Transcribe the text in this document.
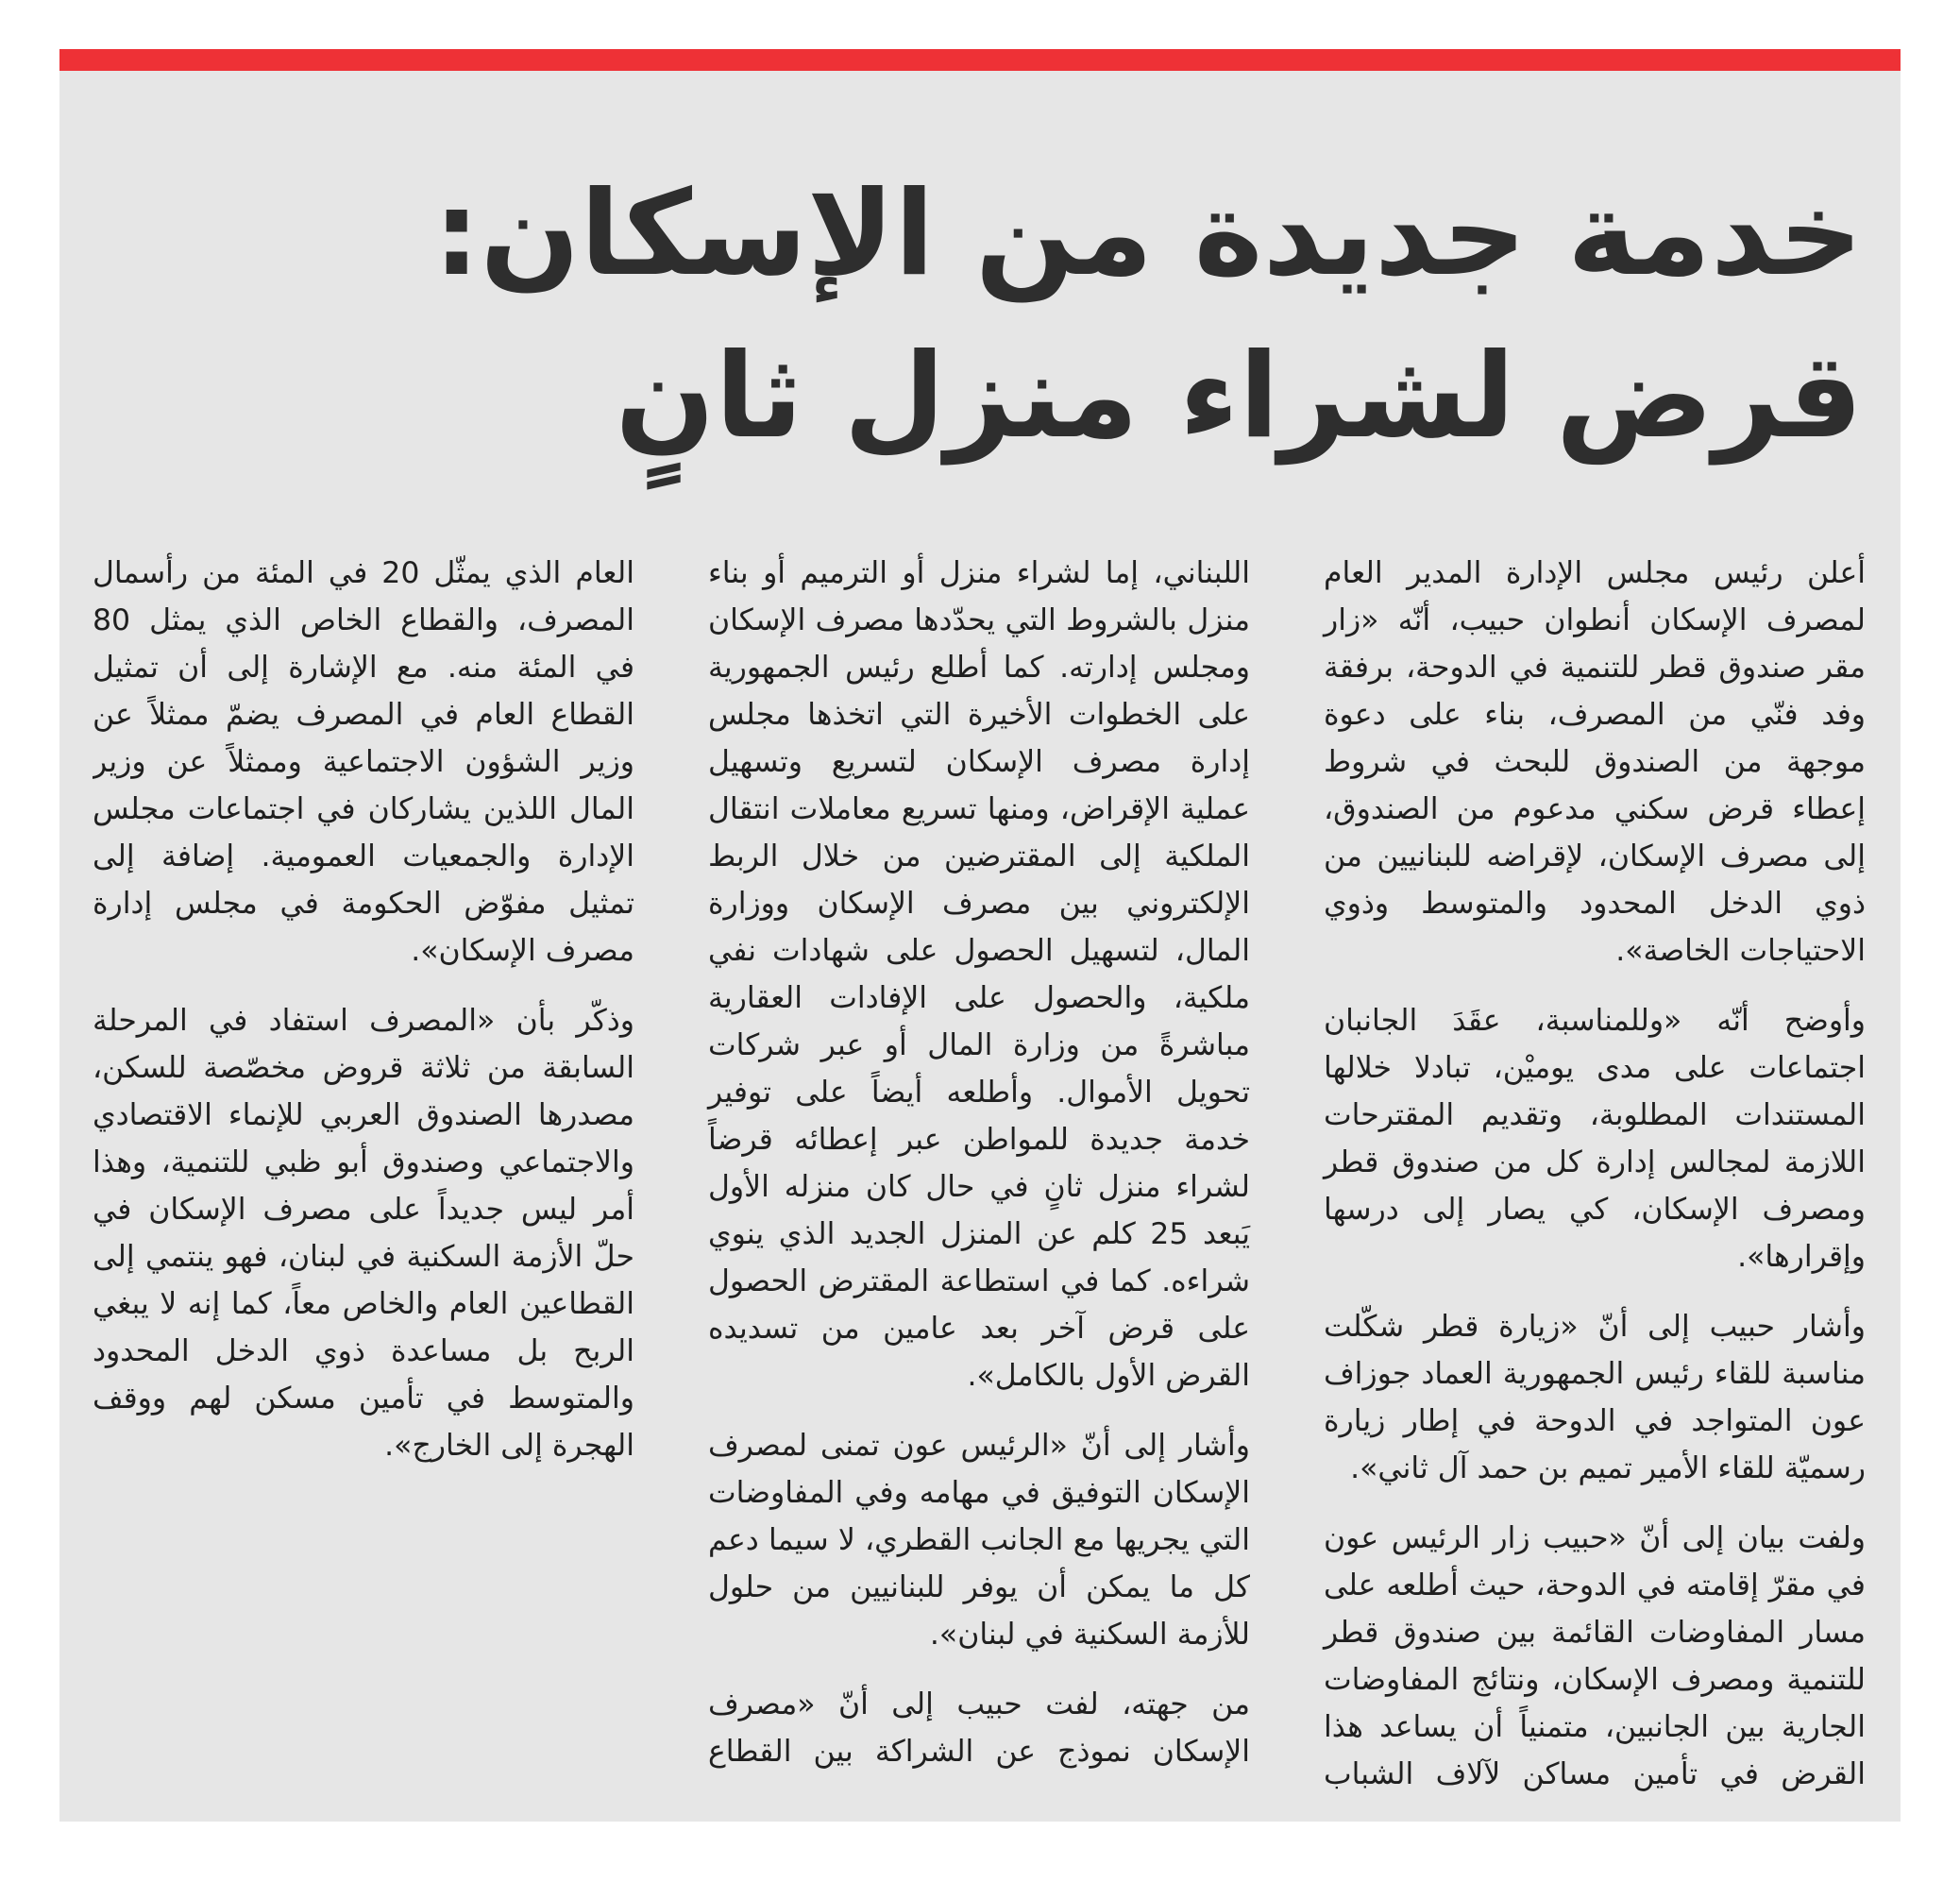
خدمة جديدة من الإسكان:
قرض لشراء منزل ثانٍ

أعلن رئيس مجلس الإدارة المدير العام لمصرف الإسكان أنطوان حبيب، أنّه «زار مقر صندوق قطر للتنمية في الدوحة، برفقة وفد فنّي من المصرف، بناء على دعوة موجهة من الصندوق للبحث في شروط إعطاء قرض سكني مدعوم من الصندوق، إلى مصرف الإسكان، لإقراضه للبنانيين من ذوي الدخل المحدود والمتوسط وذوي الاحتياجات الخاصة».

وأوضح أنّه «وللمناسبة، عقَدَ الجانبان اجتماعات على مدى يوميْن، تبادلا خلالها المستندات المطلوبة، وتقديم المقترحات اللازمة لمجالس إدارة كل من صندوق قطر ومصرف الإسكان، كي يصار إلى درسها وإقرارها».

وأشار حبيب إلى أنّ «زيارة قطر شكّلت مناسبة للقاء رئيس الجمهورية العماد جوزاف عون المتواجد في الدوحة في إطار زيارة رسميّة للقاء الأمير تميم بن حمد آل ثاني».

ولفت بيان إلى أنّ «حبيب زار الرئيس عون في مقرّ إقامته في الدوحة، حيث أطلعه على مسار المفاوضات القائمة بين صندوق قطر للتنمية ومصرف الإسكان، ونتائج المفاوضات الجارية بين الجانبين، متمنياً أن يساعد هذا القرض في تأمين مساكن لآلاف الشباب اللبناني، إما لشراء منزل أو الترميم أو بناء منزل بالشروط التي يحدّدها مصرف الإسكان ومجلس إدارته. كما أطلع رئيس الجمهورية على الخطوات الأخيرة التي اتخذها مجلس إدارة مصرف الإسكان لتسريع وتسهيل عملية الإقراض، ومنها تسريع معاملات انتقال الملكية إلى المقترضين من خلال الربط الإلكتروني بين مصرف الإسكان ووزارة المال، لتسهيل الحصول على شهادات نفي ملكية، والحصول على الإفادات العقارية مباشرةً من وزارة المال أو عبر شركات تحويل الأموال. وأطلعه أيضاً على توفير خدمة جديدة للمواطن عبر إعطائه قرضاً لشراء منزل ثانٍ في حال كان منزله الأول يَبعد 25 كلم عن المنزل الجديد الذي ينوي شراءه. كما في استطاعة المقترض الحصول على قرض آخر بعد عامين من تسديده القرض الأول بالكامل».

وأشار إلى أنّ «الرئيس عون تمنى لمصرف الإسكان التوفيق في مهامه وفي المفاوضات التي يجريها مع الجانب القطري، لا سيما دعم كل ما يمكن أن يوفر للبنانيين من حلول للأزمة السكنية في لبنان».

من جهته، لفت حبيب إلى أنّ «مصرف الإسكان نموذج عن الشراكة بين القطاع العام الذي يمثّل 20 في المئة من رأسمال المصرف، والقطاع الخاص الذي يمثل 80 في المئة منه. مع الإشارة إلى أن تمثيل القطاع العام في المصرف يضمّ ممثلاً عن وزير الشؤون الاجتماعية وممثلاً عن وزير المال اللذين يشاركان في اجتماعات مجلس الإدارة والجمعيات العمومية. إضافة إلى تمثيل مفوّض الحكومة في مجلس إدارة مصرف الإسكان».

وذكّر بأن «المصرف استفاد في المرحلة السابقة من ثلاثة قروض مخصّصة للسكن، مصدرها الصندوق العربي للإنماء الاقتصادي والاجتماعي وصندوق أبو ظبي للتنمية، وهذا أمر ليس جديداً على مصرف الإسكان في حلّ الأزمة السكنية في لبنان، فهو ينتمي إلى القطاعين العام والخاص معاً، كما إنه لا يبغي الربح بل مساعدة ذوي الدخل المحدود والمتوسط في تأمين مسكن لهم ووقف الهجرة إلى الخارج».
